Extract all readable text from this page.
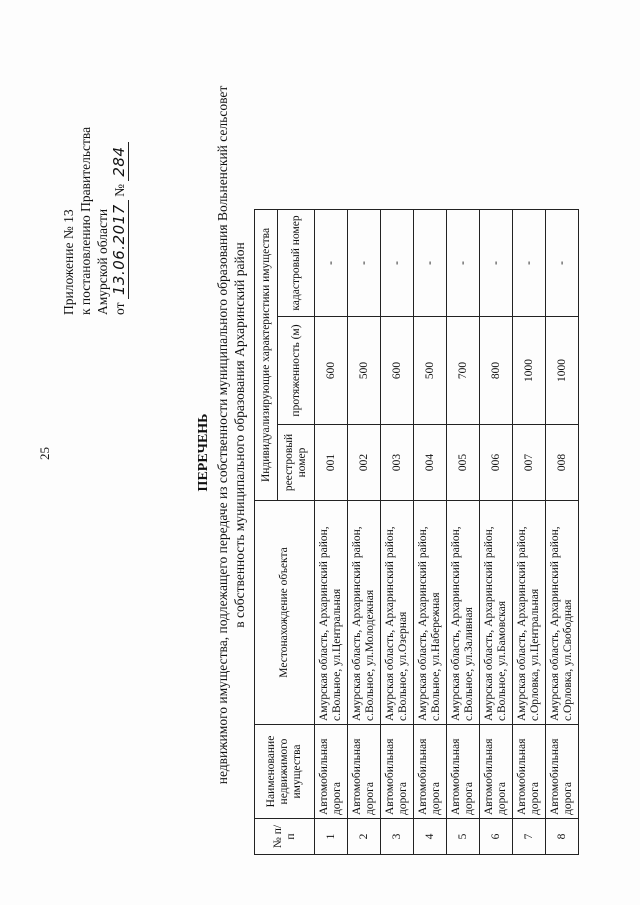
25
Приложение № 13 к постановлению Правительства Амурской области от 13.06.2017 № 284
ПЕРЕЧЕНЬ недвижимого имущества, подлежащего передаче из собственности муниципального образования Вольненский сельсовет в собственность муниципального образования Архаринский район
№ п/п	Наименование недвижимого имущества	Местонахождение объекта	Индивидуализирующие характеристики имущества		
			реестровый номер	протяженность (м)	кадастровый номер
1	Автомобильная дорога	Амурская область, Архаринский район, с.Вольное, ул.Центральная	001	600	-
2	Автомобильная дорога	Амурская область, Архаринский район, с.Вольное, ул.Молодежная	002	500	-
3	Автомобильная дорога	Амурская область, Архаринский район, с.Вольное, ул.Озерная	003	600	-
4	Автомобильная дорога	Амурская область, Архаринский район, с.Вольное, ул.Набережная	004	500	-
5	Автомобильная дорога	Амурская область, Архаринский район, с.Вольное, ул.Заливная	005	700	-
6	Автомобильная дорога	Амурская область, Архаринский район, с.Вольное, ул.Бамовская	006	800	-
7	Автомобильная дорога	Амурская область, Архаринский район, с.Орловка, ул.Центральная	007	1000	-
8	Автомобильная дорога	Амурская область, Архаринский район, с.Орловка, ул.Свободная	008	1000	-
